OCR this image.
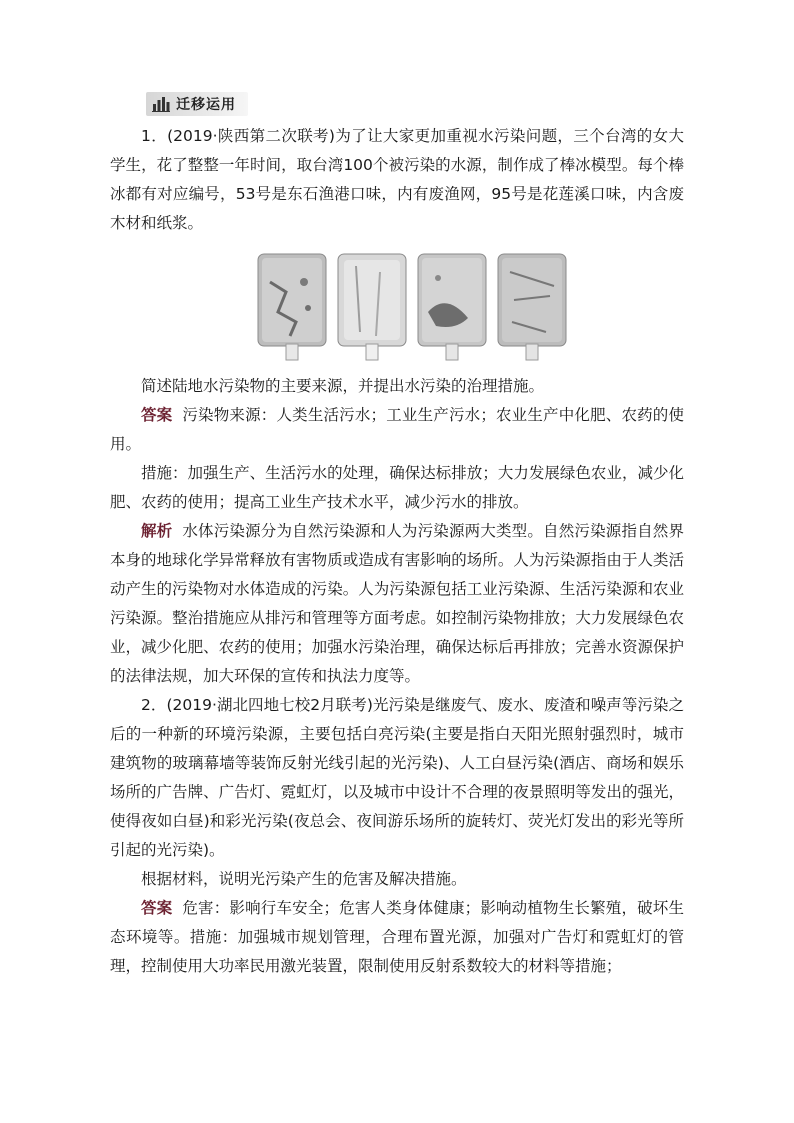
迁移运用

1．(2019·陕西第二次联考)为了让大家更加重视水污染问题，三个台湾的女大学生，花了整整一年时间，取台湾100个被污染的水源，制作成了棒冰模型。每个棒冰都有对应编号，53号是东石渔港口味，内有废渔网，95号是花莲溪口味，内含废木材和纸浆。

简述陆地水污染物的主要来源，并提出水污染的治理措施。

答案 污染物来源：人类生活污水；工业生产污水；农业生产中化肥、农药的使用。

措施：加强生产、生活污水的处理，确保达标排放；大力发展绿色农业，减少化肥、农药的使用；提高工业生产技术水平，减少污水的排放。

解析 水体污染源分为自然污染源和人为污染源两大类型。自然污染源指自然界本身的地球化学异常释放有害物质或造成有害影响的场所。人为污染源指由于人类活动产生的污染物对水体造成的污染。人为污染源包括工业污染源、生活污染源和农业污染源。整治措施应从排污和管理等方面考虑。如控制污染物排放；大力发展绿色农业，减少化肥、农药的使用；加强水污染治理，确保达标后再排放；完善水资源保护的法律法规，加大环保的宣传和执法力度等。

2．(2019·湖北四地七校2月联考)光污染是继废气、废水、废渣和噪声等污染之后的一种新的环境污染源，主要包括白亮污染(主要是指白天阳光照射强烈时，城市建筑物的玻璃幕墙等装饰反射光线引起的光污染)、人工白昼污染(酒店、商场和娱乐场所的广告牌、广告灯、霓虹灯，以及城市中设计不合理的夜景照明等发出的强光，使得夜如白昼)和彩光污染(夜总会、夜间游乐场所的旋转灯、荧光灯发出的彩光等所引起的光污染)。

根据材料，说明光污染产生的危害及解决措施。

答案 危害：影响行车安全；危害人类身体健康；影响动植物生长繁殖，破坏生态环境等。措施：加强城市规划管理，合理布置光源，加强对广告灯和霓虹灯的管理，控制使用大功率民用激光装置，限制使用反射系数较大的材料等措施；
